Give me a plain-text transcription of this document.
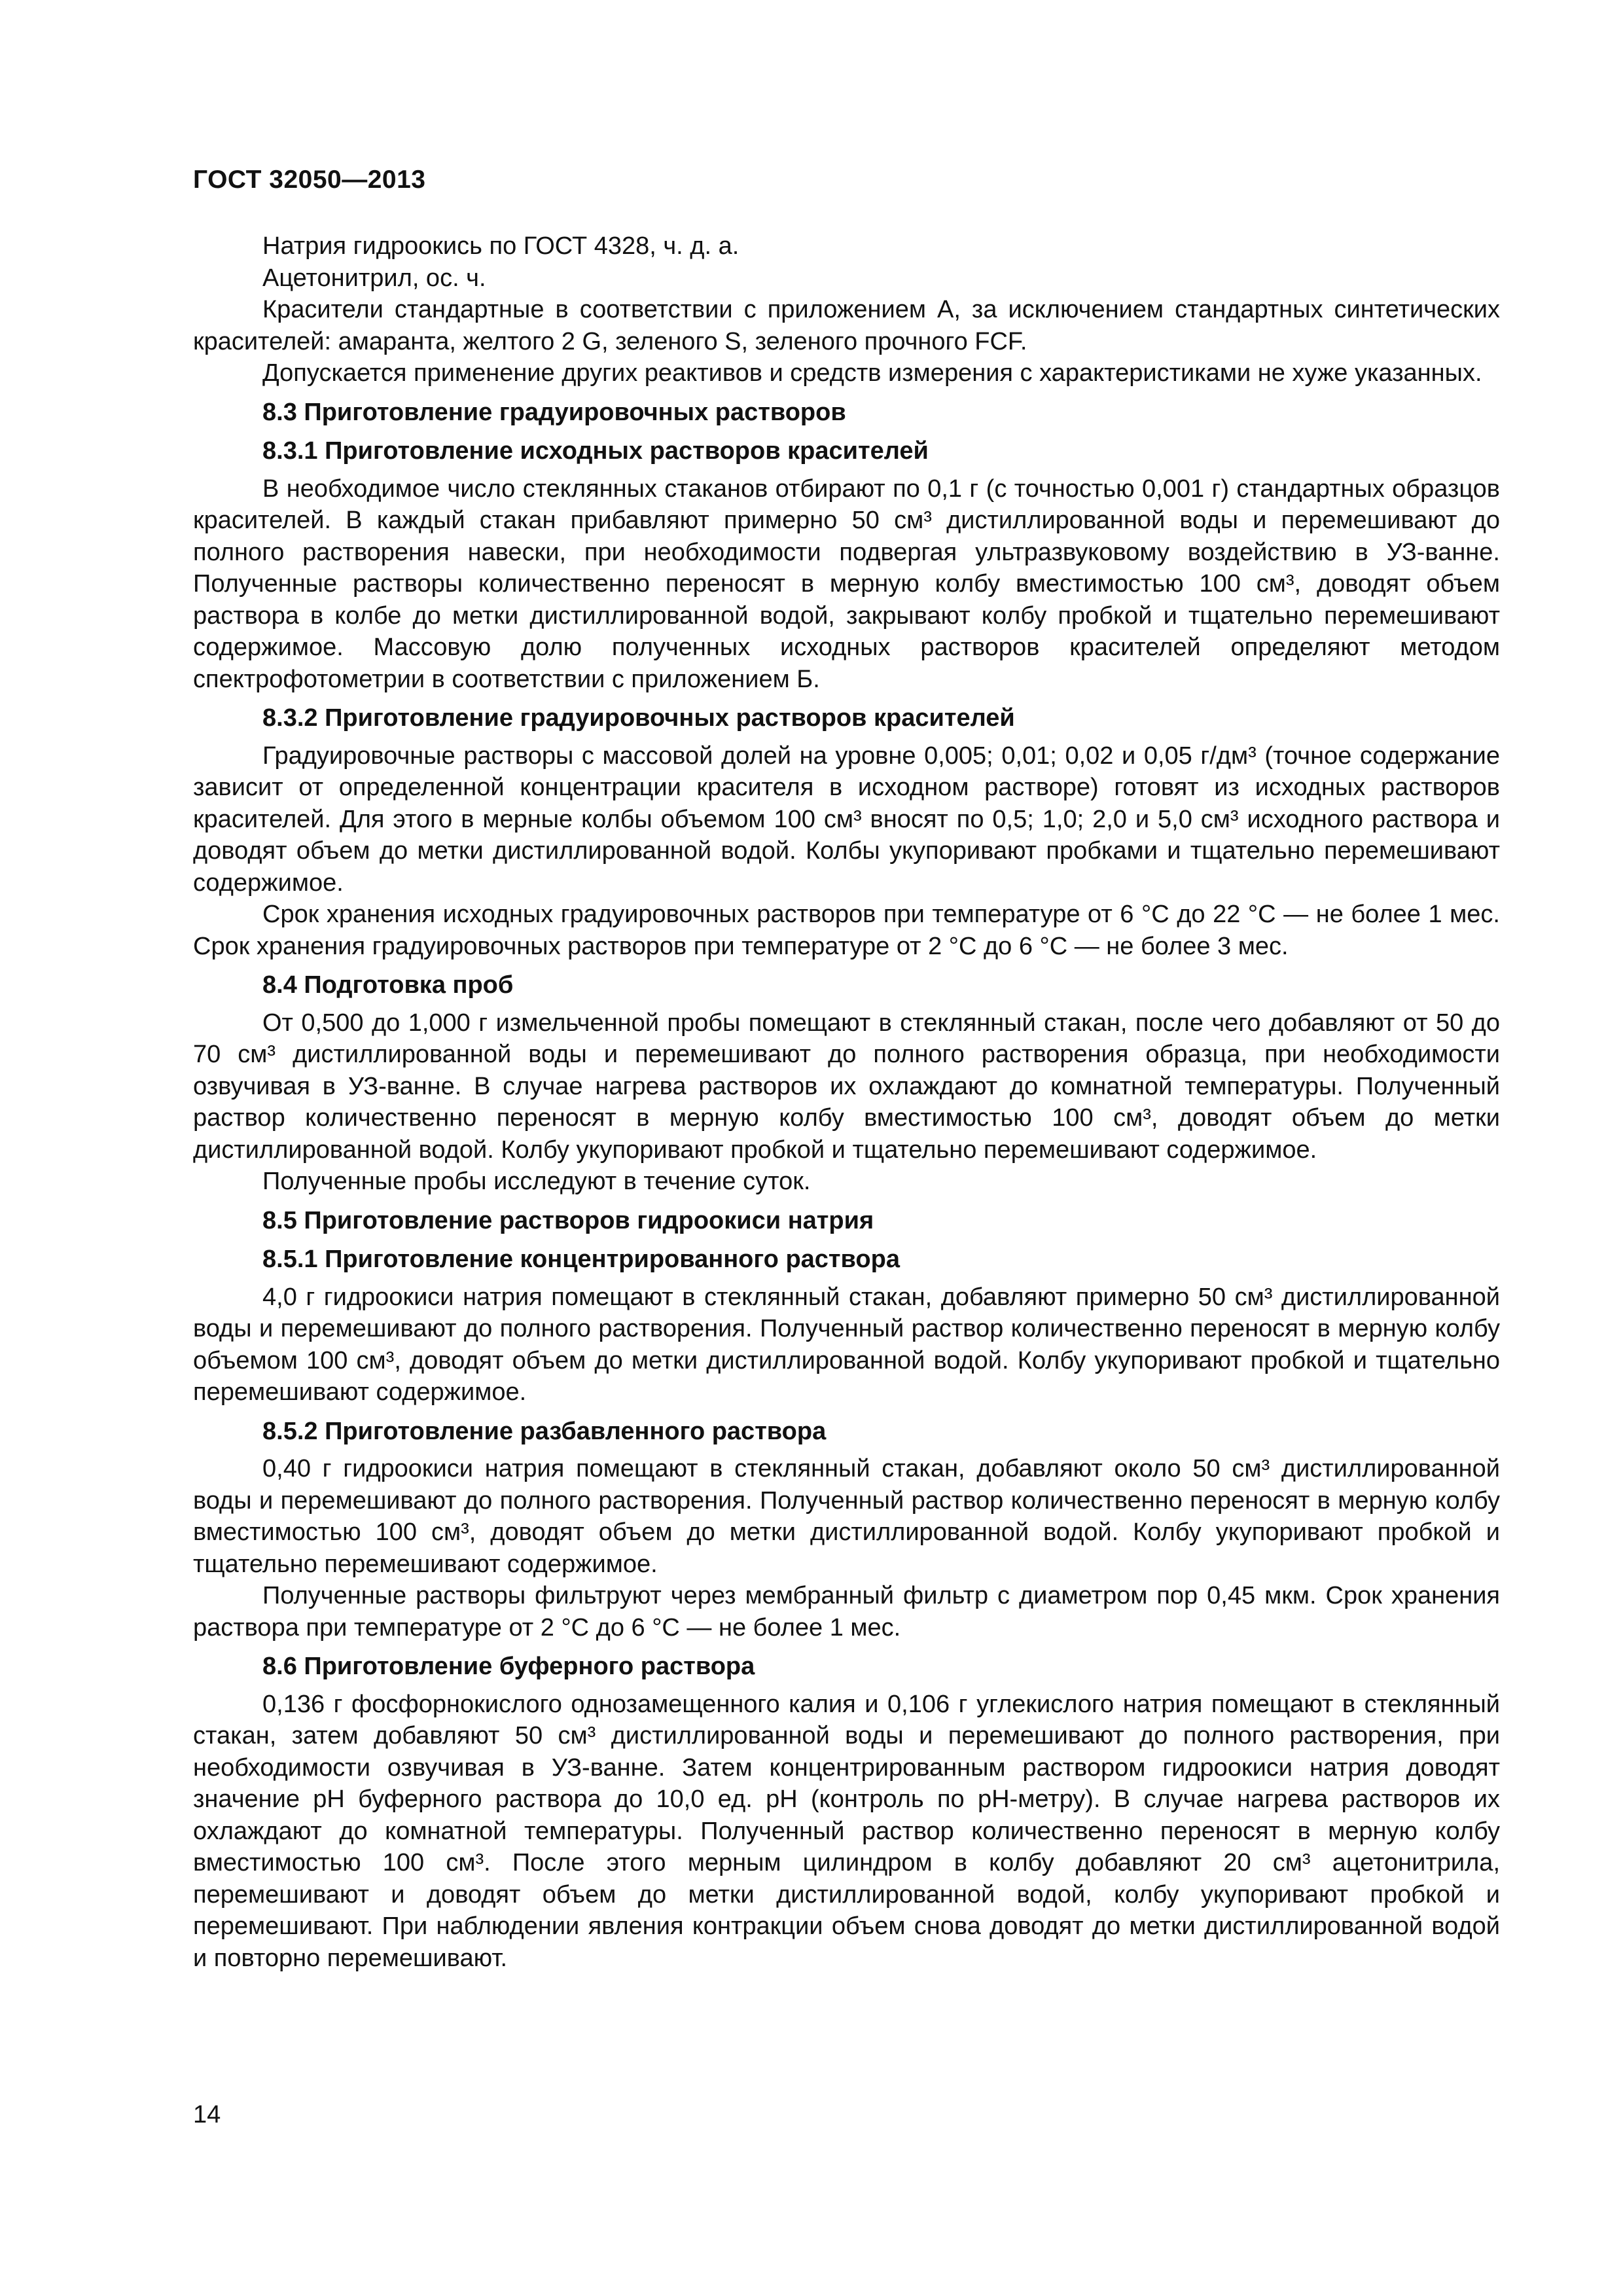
ГОСТ 32050—2013

Натрия гидроокись по ГОСТ 4328, ч. д. а.

Ацетонитрил, ос. ч.

Красители стандартные в соответствии с приложением А, за исключением стандартных синтетических красителей: амаранта, желтого 2 G, зеленого S, зеленого прочного FCF.

Допускается применение других реактивов и средств измерения с характеристиками не хуже указанных.

8.3 Приготовление градуировочных растворов
8.3.1 Приготовление исходных растворов красителей

В необходимое число стеклянных стаканов отбирают по 0,1 г (с точностью 0,001 г) стандартных образцов красителей. В каждый стакан прибавляют примерно 50 см³ дистиллированной воды и перемешивают до полного растворения навески, при необходимости подвергая ультразвуковому воздействию в УЗ-ванне. Полученные растворы количественно переносят в мерную колбу вместимостью 100 см³, доводят объем раствора в колбе до метки дистиллированной водой, закрывают колбу пробкой и тщательно перемешивают содержимое. Массовую долю полученных исходных растворов красителей определяют методом спектрофотометрии в соответствии с приложением Б.

8.3.2 Приготовление градуировочных растворов красителей

Градуировочные растворы с массовой долей на уровне 0,005; 0,01; 0,02 и 0,05 г/дм³ (точное содержание зависит от определенной концентрации красителя в исходном растворе) готовят из исходных растворов красителей. Для этого в мерные колбы объемом 100 см³ вносят по 0,5; 1,0; 2,0 и 5,0 см³ исходного раствора и доводят объем до метки дистиллированной водой. Колбы укупоривают пробками и тщательно перемешивают содержимое.

Срок хранения исходных градуировочных растворов при температуре от 6 °С до 22 °С — не более 1 мес. Срок хранения градуировочных растворов при температуре от 2 °С до 6 °С — не более 3 мес.

8.4 Подготовка проб

От 0,500 до 1,000 г измельченной пробы помещают в стеклянный стакан, после чего добавляют от 50 до 70 см³ дистиллированной воды и перемешивают до полного растворения образца, при необходимости озвучивая в УЗ-ванне. В случае нагрева растворов их охлаждают до комнатной температуры. Полученный раствор количественно переносят в мерную колбу вместимостью 100 см³, доводят объем до метки дистиллированной водой. Колбу укупоривают пробкой и тщательно перемешивают содержимое.

Полученные пробы исследуют в течение суток.

8.5 Приготовление растворов гидроокиси натрия
8.5.1 Приготовление концентрированного раствора

4,0 г гидроокиси натрия помещают в стеклянный стакан, добавляют примерно 50 см³ дистиллированной воды и перемешивают до полного растворения. Полученный раствор количественно переносят в мерную колбу объемом 100 см³, доводят объем до метки дистиллированной водой. Колбу укупоривают пробкой и тщательно перемешивают содержимое.

8.5.2 Приготовление разбавленного раствора

0,40 г гидроокиси натрия помещают в стеклянный стакан, добавляют около 50 см³ дистиллированной воды и перемешивают до полного растворения. Полученный раствор количественно переносят в мерную колбу вместимостью 100 см³, доводят объем до метки дистиллированной водой. Колбу укупоривают пробкой и тщательно перемешивают содержимое.

Полученные растворы фильтруют через мембранный фильтр с диаметром пор 0,45 мкм. Срок хранения раствора при температуре от 2 °С до 6 °С — не более 1 мес.

8.6 Приготовление буферного раствора

0,136 г фосфорнокислого однозамещенного калия и 0,106 г углекислого натрия помещают в стеклянный стакан, затем добавляют 50 см³ дистиллированной воды и перемешивают до полного растворения, при необходимости озвучивая в УЗ-ванне. Затем концентрированным раствором гидроокиси натрия доводят значение pH буферного раствора до 10,0 ед. pH (контроль по pH-метру). В случае нагрева растворов их охлаждают до комнатной температуры. Полученный раствор количественно переносят в мерную колбу вместимостью 100 см³. После этого мерным цилиндром в колбу добавляют 20 см³ ацетонитрила, перемешивают и доводят объем до метки дистиллированной водой, колбу укупоривают пробкой и перемешивают. При наблюдении явления контракции объем снова доводят до метки дистиллированной водой и повторно перемешивают.

14
